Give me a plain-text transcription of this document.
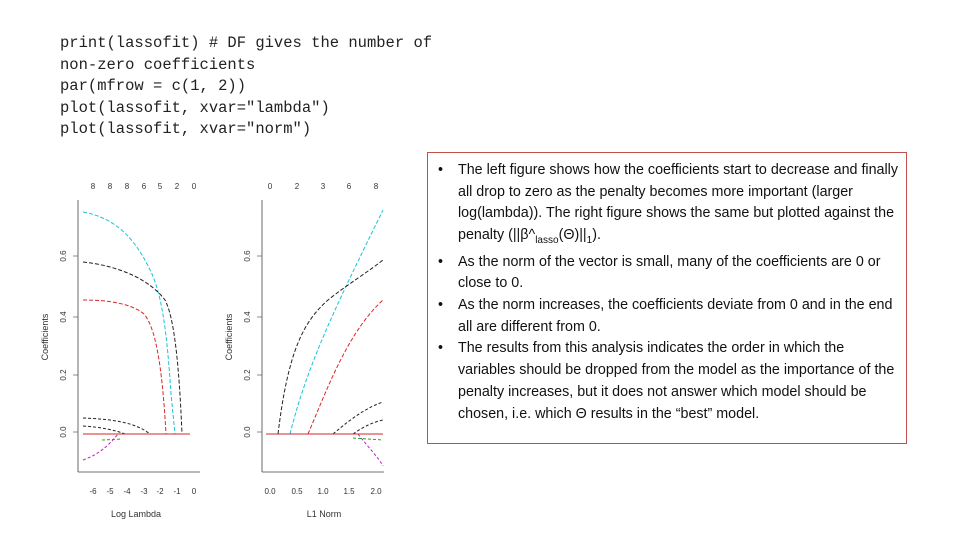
print(lassofit) # DF gives the number of
non-zero coefficients
par(mfrow = c(1, 2))
plot(lassofit, xvar="lambda")
plot(lassofit, xvar="norm")
8 8 8 6 5 2 0
0.0
0.2
0.4
0.6
Coefficients
-6 -5 -4 -3 -2 -1 0
Log Lambda
0	2	3	6	8
0.0
0.2
0.4
0.6
Coefficients
0.0 0.5 1.0 1.5 2.0
L1 Norm
• The left figure shows how the coefficients start to decrease and finally all drop to zero as the penalty becomes more important (larger log(lambda)). The right figure shows the same but plotted against the penalty $(||\beta\^{}_{lasso}(\Theta)||_1)$.
• As the norm of the vector is small, many of the coefficients are 0 or close to 0.
• As the norm increases, the coefficients deviate from 0 and in the end all are different from 0.
• The results from this analysis indicates the order in which the variables should be dropped from the model as the importance of the penalty increases, but it does not answer which model should be chosen, i.e. which Θ results in the “best” model.
